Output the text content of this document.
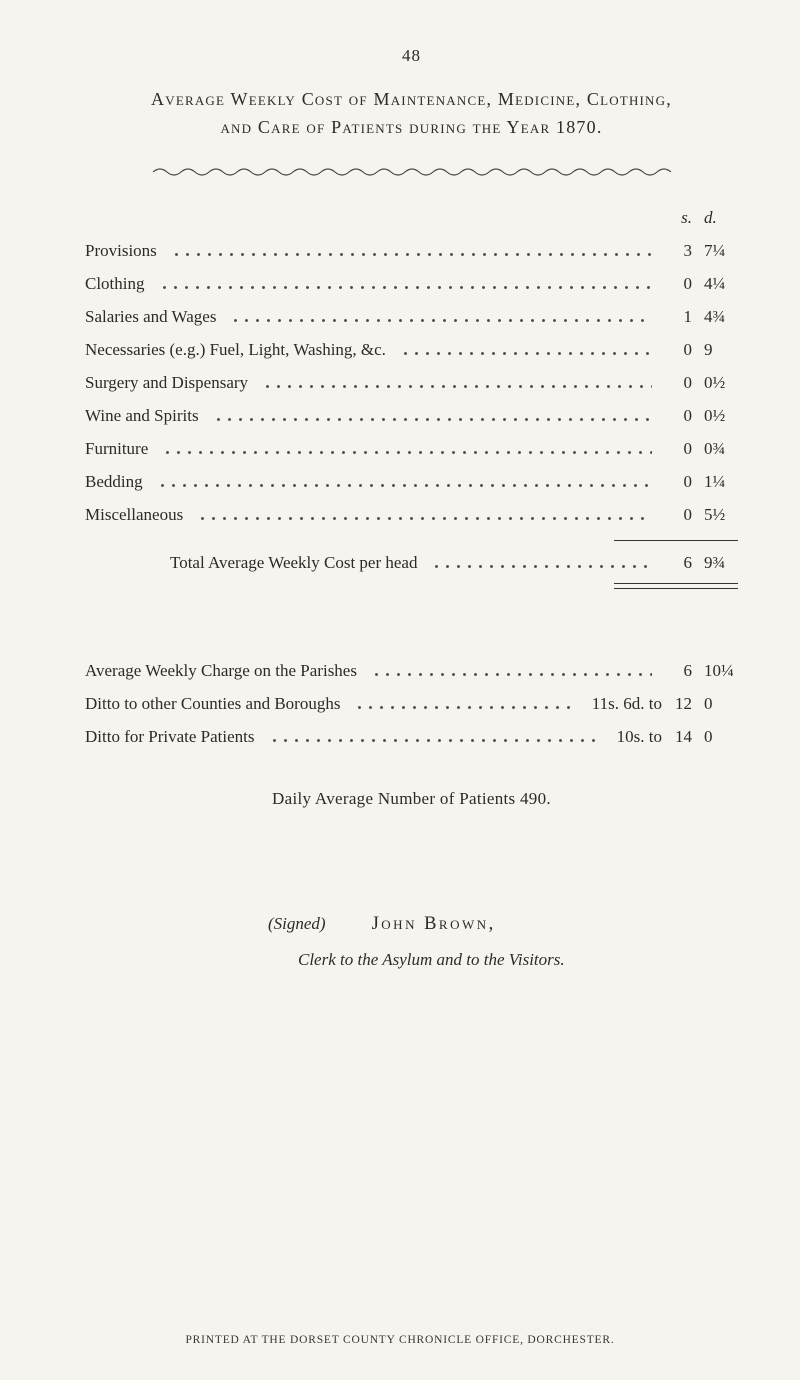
48
Average Weekly Cost of Maintenance, Medicine, Clothing,
and Care of Patients during the Year 1870.
s. d.
Provisions	3 7¼
Clothing	0 4¼
Salaries and Wages	1 4¾
Necessaries (e.g.) Fuel, Light, Washing, &c.	0 9
Surgery and Dispensary	0 0½
Wine and Spirits	0 0½
Furniture	0 0¾
Bedding	0 1¼
Miscellaneous	0 5½
Total Average Weekly Cost per head	6 9¾
Average Weekly Charge on the Parishes	6 10¼
Ditto to other Counties and Boroughs	11s. 6d. to 12 0
Ditto for Private Patients	10s. to 14 0
Daily Average Number of Patients 490.
(Signed) John Brown,
Clerk to the Asylum and to the Visitors.
PRINTED AT THE DORSET COUNTY CHRONICLE OFFICE, DORCHESTER.
